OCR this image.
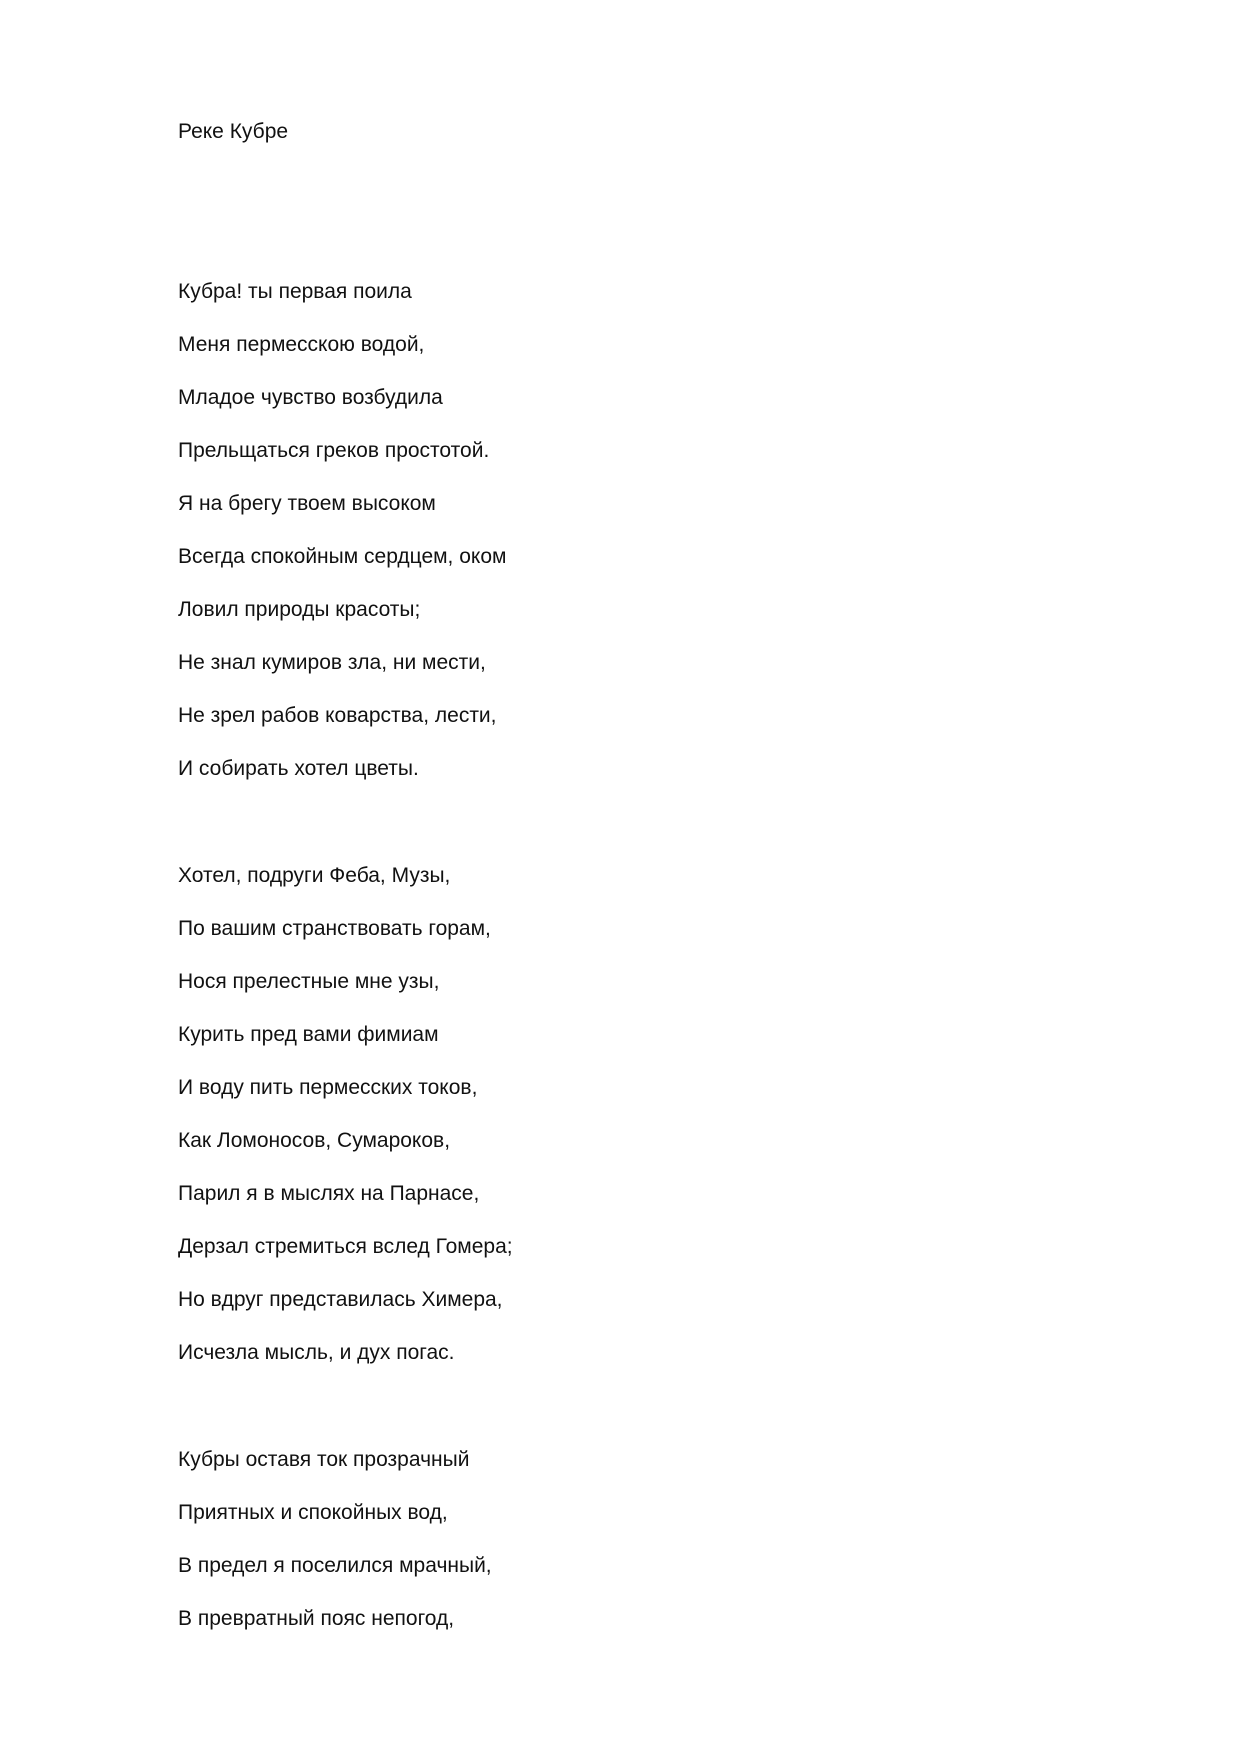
Реке Кубре
Кубра! ты первая поила
Меня пермесскою водой,
Младое чувство возбудила
Прельщаться греков простотой.
Я на брегу твоем высоком
Всегда спокойным сердцем, оком
Ловил природы красоты;
Не знал кумиров зла, ни мести,
Не зрел рабов коварства, лести,
И собирать хотел цветы.
Хотел, подруги Феба, Музы,
По вашим странствовать горам,
Нося прелестные мне узы,
Курить пред вами фимиам
И воду пить пермесских токов,
Как Ломоносов, Сумароков,
Парил я в мыслях на Парнасе,
Дерзал стремиться вслед Гомера;
Но вдруг представилась Химера,
Исчезла мысль, и дух погас.
Кубры оставя ток прозрачный
Приятных и спокойных вод,
В предел я поселился мрачный,
В превратный пояс непогод,
